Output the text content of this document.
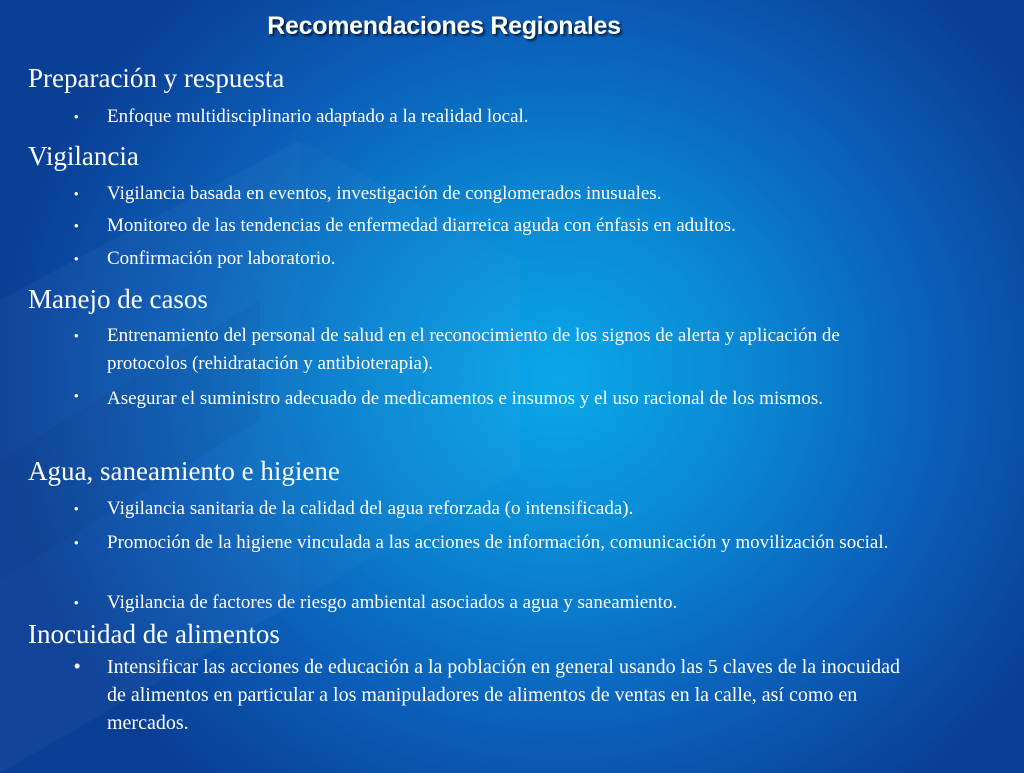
Recomendaciones Regionales
Preparación y respuesta
• Enfoque multidisciplinario adaptado a la realidad local.
Vigilancia
• Vigilancia basada en eventos, investigación de conglomerados inusuales.
• Monitoreo de las tendencias de enfermedad diarreica aguda con énfasis en adultos.
• Confirmación por laboratorio.
Manejo de casos
• Entrenamiento del personal de salud en el reconocimiento de los signos de alerta y aplicación de protocolos (rehidratación y antibioterapia).
• Asegurar el suministro adecuado de medicamentos e insumos y el uso racional de los mismos.
Agua, saneamiento e higiene
• Vigilancia sanitaria de la calidad del agua reforzada (o intensificada).
• Promoción de la higiene vinculada a las acciones de información, comunicación y movilización social.
• Vigilancia de factores de riesgo ambiental asociados a agua y saneamiento.
Inocuidad de alimentos
• Intensificar las acciones de educación a la población en general usando las 5 claves de la inocuidad de alimentos en particular a los manipuladores de alimentos de ventas en la calle, así como en mercados.
